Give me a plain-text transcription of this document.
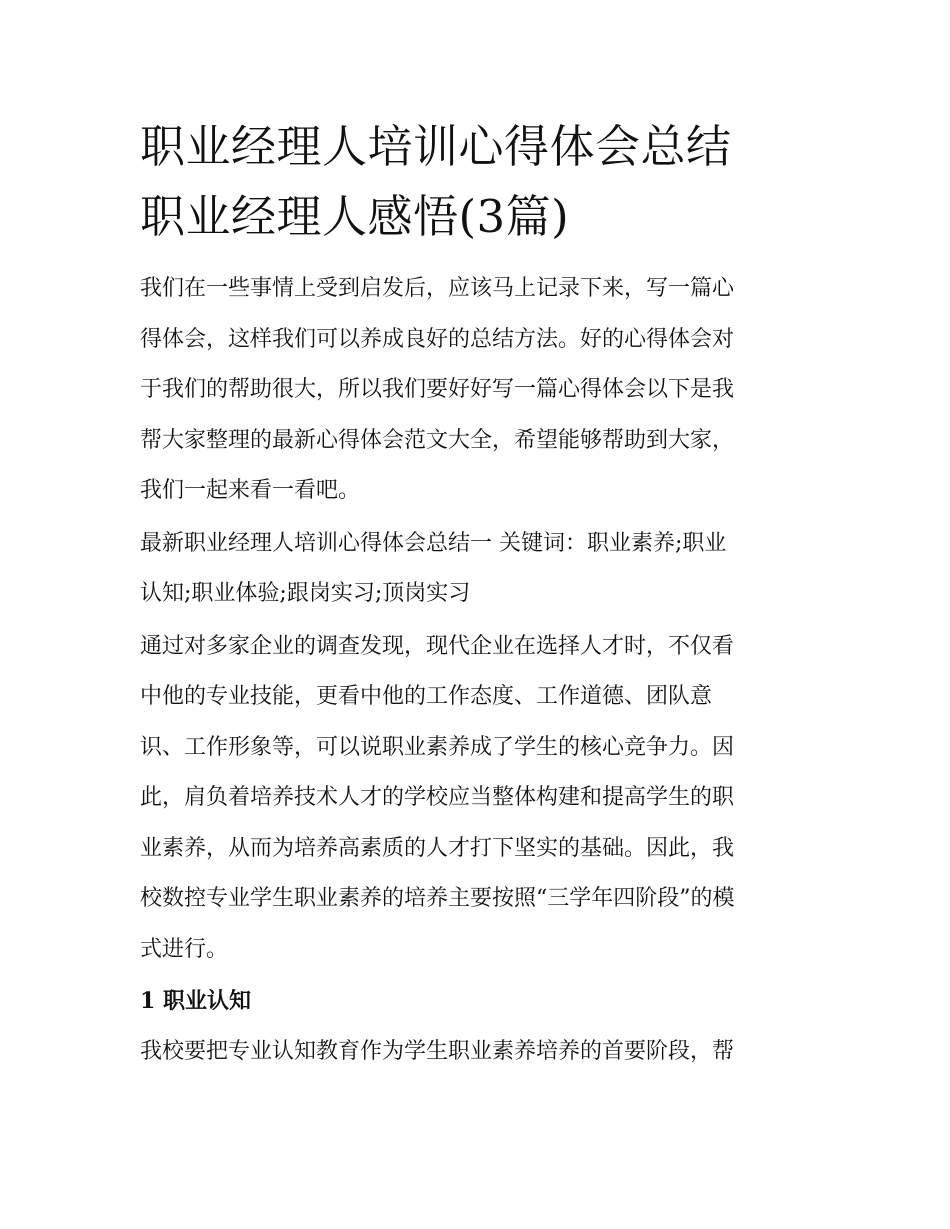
职业经理人培训心得体会总结
职业经理人感悟(3篇)

我们在一些事情上受到启发后，应该马上记录下来，写一篇心
得体会，这样我们可以养成良好的总结方法。好的心得体会对
于我们的帮助很大，所以我们要好好写一篇心得体会以下是我
帮大家整理的最新心得体会范文大全，希望能够帮助到大家，
我们一起来看一看吧。

最新职业经理人培训心得体会总结一 关键词：职业素养;职业
认知;职业体验;跟岗实习;顶岗实习

通过对多家企业的调查发现，现代企业在选择人才时，不仅看
中他的专业技能，更看中他的工作态度、工作道德、团队意
识、工作形象等，可以说职业素养成了学生的核心竞争力。因
此，肩负着培养技术人才的学校应当整体构建和提高学生的职
业素养，从而为培养高素质的人才打下坚实的基础。因此，我
校数控专业学生职业素养的培养主要按照“三学年四阶段”的模
式进行。

1 职业认知

我校要把专业认知教育作为学生职业素养培养的首要阶段，帮
